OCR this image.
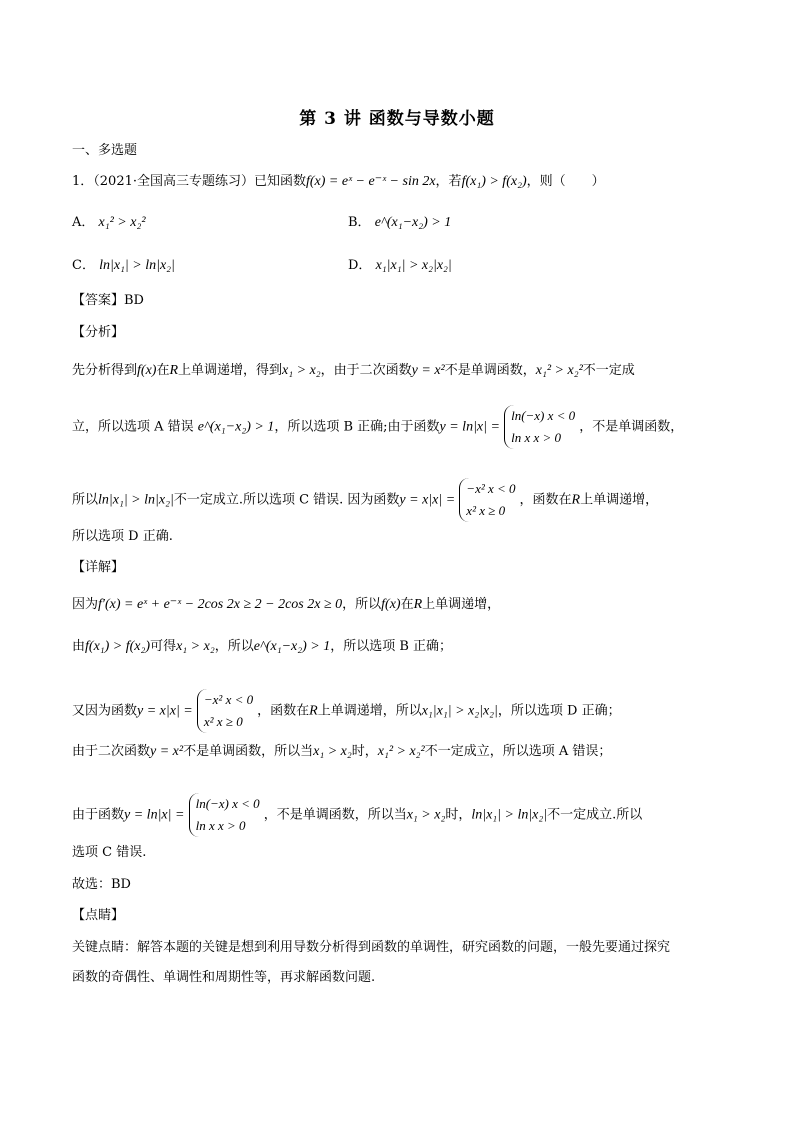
第 3 讲 函数与导数小题
一、多选题
1．（2021·全国高三专题练习）已知函数f(x) = eˣ − e⁻ˣ − sin 2x，若f(x₁) > f(x₂)，则（　　）
A． x₁² > x₂²	B． e^(x₁−x₂) > 1
C． ln|x₁| > ln|x₂|	D． x₁|x₁| > x₂|x₂|
【答案】BD
【分析】
先分析得到f(x)在R上单调递增，得到x₁ > x₂，由于二次函数y = x²不是单调函数，x₁² > x₂²不一定成
立，所以选项 A 错误 e^(x₁−x₂) > 1，所以选项 B 正确;由于函数y = ln|x| =
ln(−x) x < 0
ln x x > 0
，不是单调函数，
所以ln|x₁| > ln|x₂|不一定成立.所以选项 C 错误. 因为函数y = x|x| =
−x² x < 0
x² x ≥ 0
，函数在R上单调递增，
所以选项 D 正确.
【详解】
因为f′(x) = eˣ + e⁻ˣ − 2cos 2x ≥ 2 − 2cos 2x ≥ 0，所以f(x)在R上单调递增，
由f(x₁) > f(x₂)可得x₁ > x₂，所以e^(x₁−x₂) > 1，所以选项 B 正确；
又因为函数y = x|x| =
−x² x < 0
x² x ≥ 0
，函数在R上单调递增，所以x₁|x₁| > x₂|x₂|，所以选项 D 正确；
由于二次函数y = x²不是单调函数，所以当x₁ > x₂时，x₁² > x₂²不一定成立，所以选项 A 错误；
由于函数y = ln|x| =
ln(−x) x < 0
ln x x > 0
，不是单调函数，所以当x₁ > x₂时，ln|x₁| > ln|x₂|不一定成立.所以
选项 C 错误.
故选：BD
【点睛】
关键点睛：解答本题的关键是想到利用导数分析得到函数的单调性，研究函数的问题，一般先要通过探究
函数的奇偶性、单调性和周期性等，再求解函数问题.
